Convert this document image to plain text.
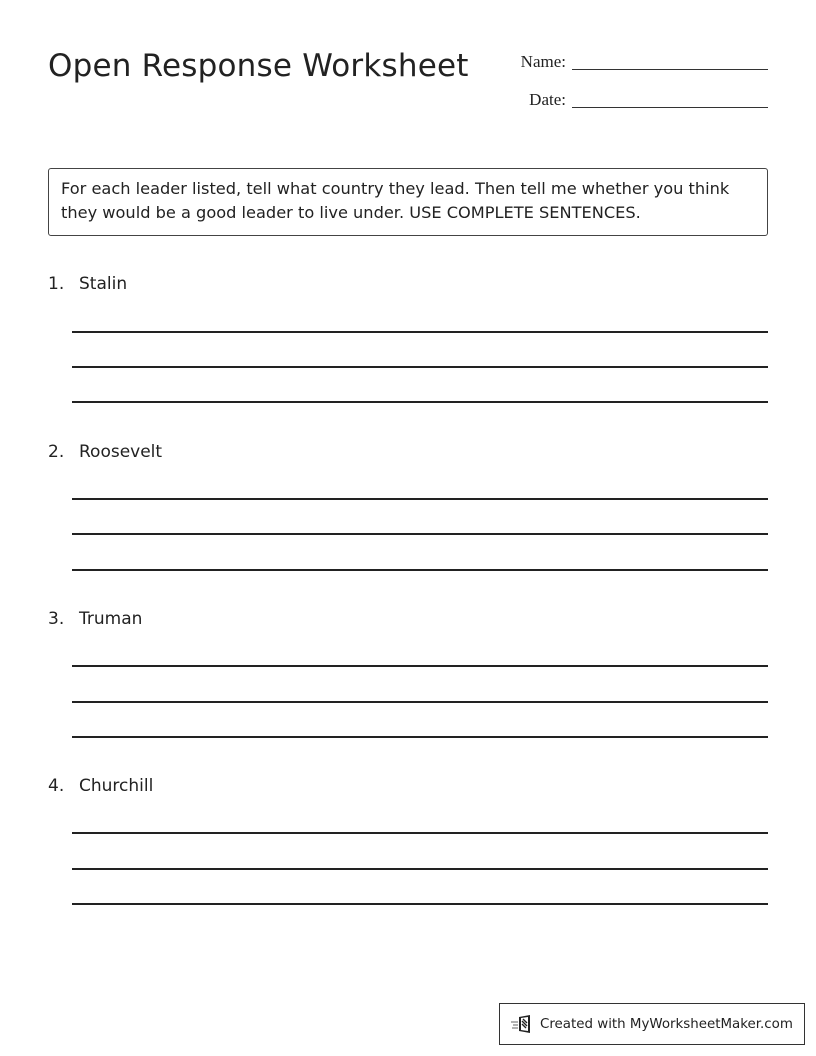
Open Response Worksheet	Name:
Date:
For each leader listed, tell what country they lead. Then tell me whether you think they would be a good leader to live under. USE COMPLETE SENTENCES.
1. Stalin
2. Roosevelt
3. Truman
4. Churchill
Created with MyWorksheetMaker.com
